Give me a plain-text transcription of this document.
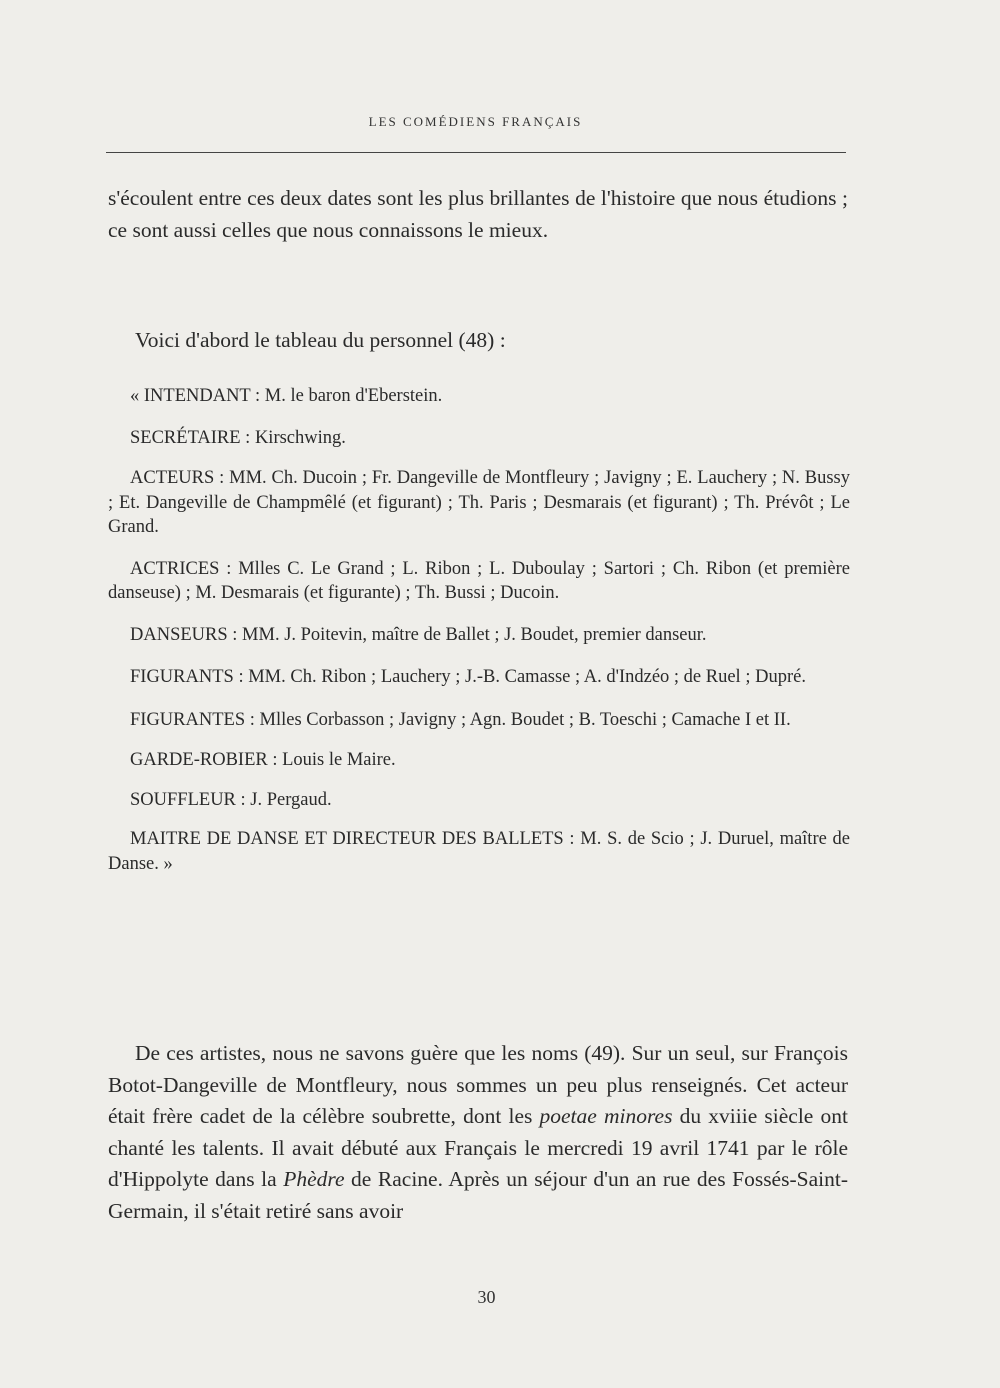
LES COMÉDIENS FRANÇAIS

s'écoulent entre ces deux dates sont les plus brillantes de l'histoire que nous étudions ; ce sont aussi celles que nous connaissons le mieux.

Voici d'abord le tableau du personnel (48) :

« INTENDANT : M. le baron d'Eberstein.

SECRÉTAIRE : Kirschwing.

ACTEURS : MM. Ch. Ducoin ; Fr. Dangeville de Montfleury ; Javigny ; E. Lauchery ; N. Bussy ; Et. Dangeville de Champmêlé (et figurant) ; Th. Paris ; Desmarais (et figurant) ; Th. Prévôt ; Le Grand.

ACTRICES : Mlles C. Le Grand ; L. Ribon ; L. Duboulay ; Sartori ; Ch. Ribon (et première danseuse) ; M. Desmarais (et figurante) ; Th. Bussi ; Ducoin.

DANSEURS : MM. J. Poitevin, maître de Ballet ; J. Boudet, premier danseur.

FIGURANTS : MM. Ch. Ribon ; Lauchery ; J.-B. Camasse ; A. d'Indzéo ; de Ruel ; Dupré.

FIGURANTES : Mlles Corbasson ; Javigny ; Agn. Boudet ; B. Toeschi ; Camache I et II.

GARDE-ROBIER : Louis le Maire.

SOUFFLEUR : J. Pergaud.

MAITRE DE DANSE ET DIRECTEUR DES BALLETS : M. S. de Scio ; J. Duruel, maître de Danse. »

De ces artistes, nous ne savons guère que les noms (49). Sur un seul, sur François Botot-Dangeville de Montfleury, nous sommes un peu plus renseignés. Cet acteur était frère cadet de la célèbre soubrette, dont les poetae minores du xviiie siècle ont chanté les talents. Il avait débuté aux Français le mercredi 19 avril 1741 par le rôle d'Hippolyte dans la Phèdre de Racine. Après un séjour d'un an rue des Fossés-Saint-Germain, il s'était retiré sans avoir

30
